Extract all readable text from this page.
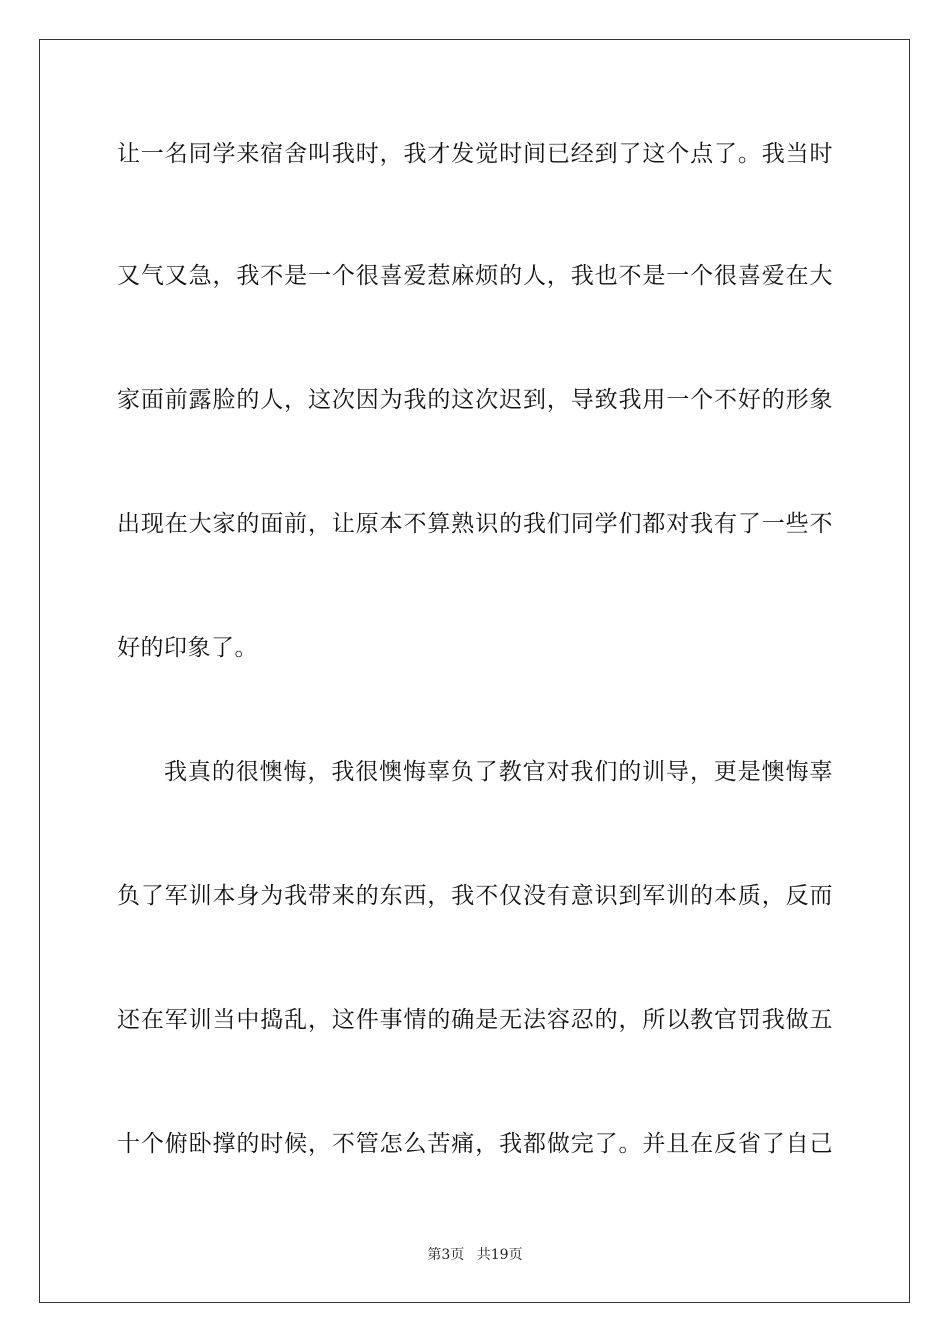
让一名同学来宿舍叫我时，我才发觉时间已经到了这个点了。我当时
又气又急，我不是一个很喜爱惹麻烦的人，我也不是一个很喜爱在大
家面前露脸的人，这次因为我的这次迟到，导致我用一个不好的形象
出现在大家的面前，让原本不算熟识的我们同学们都对我有了一些不
好的印象了。
我真的很懊悔，我很懊悔辜负了教官对我们的训导，更是懊悔辜
负了军训本身为我带来的东西，我不仅没有意识到军训的本质，反而
还在军训当中捣乱，这件事情的确是无法容忍的，所以教官罚我做五
十个俯卧撑的时候，不管怎么苦痛，我都做完了。并且在反省了自己
第3页 共19页
